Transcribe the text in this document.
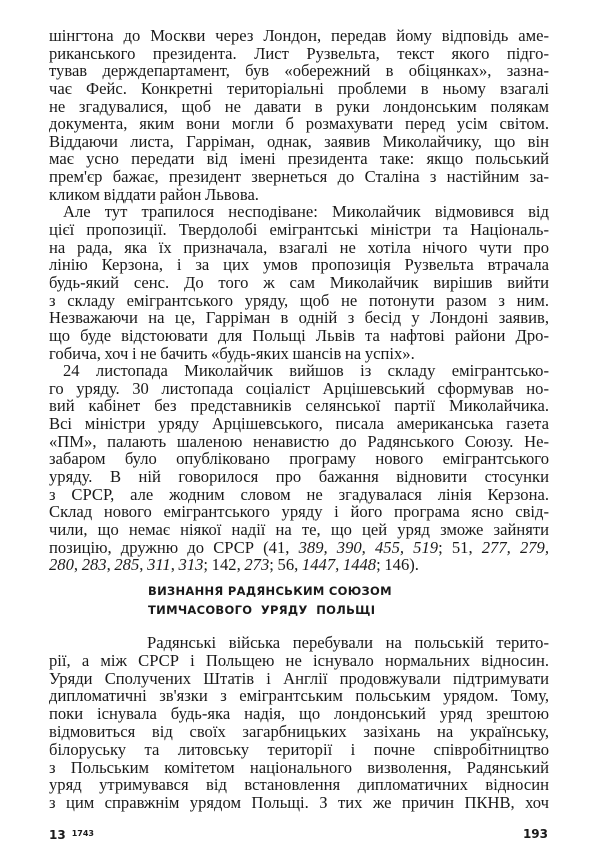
шінгтона до Москви через Лондон, передав йому відповідь аме-
риканського президента. Лист Рузвельта, текст якого підго-
тував держдепартамент, був «обережний в обіцянках», зазна-
чає Фейс. Конкретні територіальні проблеми в ньому взагалі
не згадувалися, щоб не давати в руки лондонським полякам
документа, яким вони могли б розмахувати перед усім світом.
Віддаючи листа, Гарріман, однак, заявив Миколайчику, що він
має усно передати від імені президента таке: якщо польський
прем'єр бажає, президент звернеться до Сталіна з настійним за-
кликом віддати район Львова.
Але тут трапилося несподіване: Миколайчик відмовився від
цієї пропозиції. Твердолобі емігрантські міністри та Національ-
на рада, яка їх призначала, взагалі не хотіла нічого чути про
лінію Керзона, і за цих умов пропозиція Рузвельта втрачала
будь-який сенс. До того ж сам Миколайчик вирішив вийти
з складу емігрантського уряду, щоб не потонути разом з ним.
Незважаючи на це, Гарріман в одній з бесід у Лондоні заявив,
що буде відстоювати для Польщі Львів та нафтові райони Дро-
гобича, хоч і не бачить «будь-яких шансів на успіх».
24 листопада Миколайчик вийшов із складу емігрантсько-
го уряду. 30 листопада соціаліст Арцішевський сформував но-
вий кабінет без представників селянської партії Миколайчика.
Всі міністри уряду Арцішевського, писала американська газета
«ПМ», палають шаленою ненавистю до Радянського Союзу. Не-
забаром було опубліковано програму нового емігрантського
уряду. В ній говорилося про бажання відновити стосунки
з СРСР, але жодним словом не згадувалася лінія Керзона.
Склад нового емігрантського уряду і його програма ясно свід-
чили, що немає ніякої надії на те, що цей уряд зможе зайняти
позицію, дружню до СРСР (41, 389, 390, 455, 519; 51, 277, 279,
280, 283, 285, 311, 313; 142, 273; 56, 1447, 1448; 146).
ВИЗНАННЯ РАДЯНСЬКИМ СОЮЗОМ
ТИМЧАСОВОГО  УРЯДУ  ПОЛЬЩІ
Радянські війська перебували на польській терито-
рії, а між СРСР і Польщею не існувало нормальних відносин.
Уряди Сполучених Штатів і Англії продовжували підтримувати
дипломатичні зв'язки з емігрантським польським урядом. Тому,
поки існувала будь-яка надія, що лондонський уряд зрештою
відмовиться від своїх загарбницьких зазіхань на українську,
білоруську та литовську території і почне співробітництво
з Польським комітетом національного визволення, Радянський
уряд утримувався від встановлення дипломатичних відносин
з цим справжнім урядом Польщі. З тих же причин ПКНВ, хоч
13 $^{1743}$	193
